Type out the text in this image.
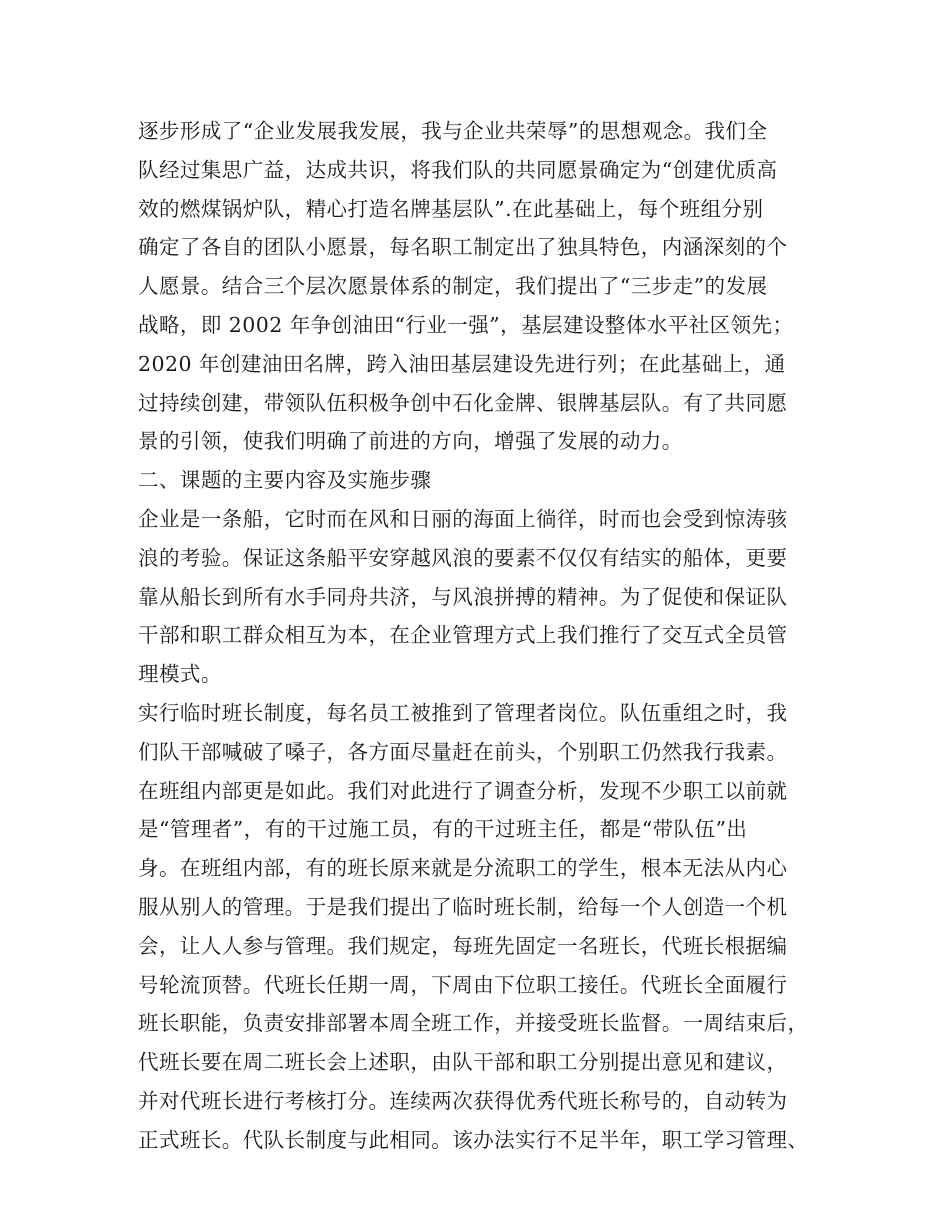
逐步形成了“企业发展我发展，我与企业共荣辱”的思想观念。我们全
队经过集思广益，达成共识，将我们队的共同愿景确定为“创建优质高
效的燃煤锅炉队，精心打造名牌基层队”.在此基础上，每个班组分别
确定了各自的团队小愿景，每名职工制定出了独具特色，内涵深刻的个
人愿景。结合三个层次愿景体系的制定，我们提出了“三步走”的发展
战略，即 2002 年争创油田“行业一强”，基层建设整体水平社区领先；
2020 年创建油田名牌，跨入油田基层建设先进行列；在此基础上，通
过持续创建，带领队伍积极争创中石化金牌、银牌基层队。有了共同愿
景的引领，使我们明确了前进的方向，增强了发展的动力。
二、课题的主要内容及实施步骤
企业是一条船，它时而在风和日丽的海面上徜徉，时而也会受到惊涛骇
浪的考验。保证这条船平安穿越风浪的要素不仅仅有结实的船体，更要
靠从船长到所有水手同舟共济，与风浪拼搏的精神。为了促使和保证队
干部和职工群众相互为本，在企业管理方式上我们推行了交互式全员管
理模式。
实行临时班长制度，每名员工被推到了管理者岗位。队伍重组之时，我
们队干部喊破了嗓子，各方面尽量赶在前头，个别职工仍然我行我素。
在班组内部更是如此。我们对此进行了调查分析，发现不少职工以前就
是“管理者”，有的干过施工员，有的干过班主任，都是“带队伍”出
身。在班组内部，有的班长原来就是分流职工的学生，根本无法从内心
服从别人的管理。于是我们提出了临时班长制，给每一个人创造一个机
会，让人人参与管理。我们规定，每班先固定一名班长，代班长根据编
号轮流顶替。代班长任期一周，下周由下位职工接任。代班长全面履行
班长职能，负责安排部署本周全班工作，并接受班长监督。一周结束后，
代班长要在周二班长会上述职，由队干部和职工分别提出意见和建议，
并对代班长进行考核打分。连续两次获得优秀代班长称号的，自动转为
正式班长。代队长制度与此相同。该办法实行不足半年，职工学习管理、
